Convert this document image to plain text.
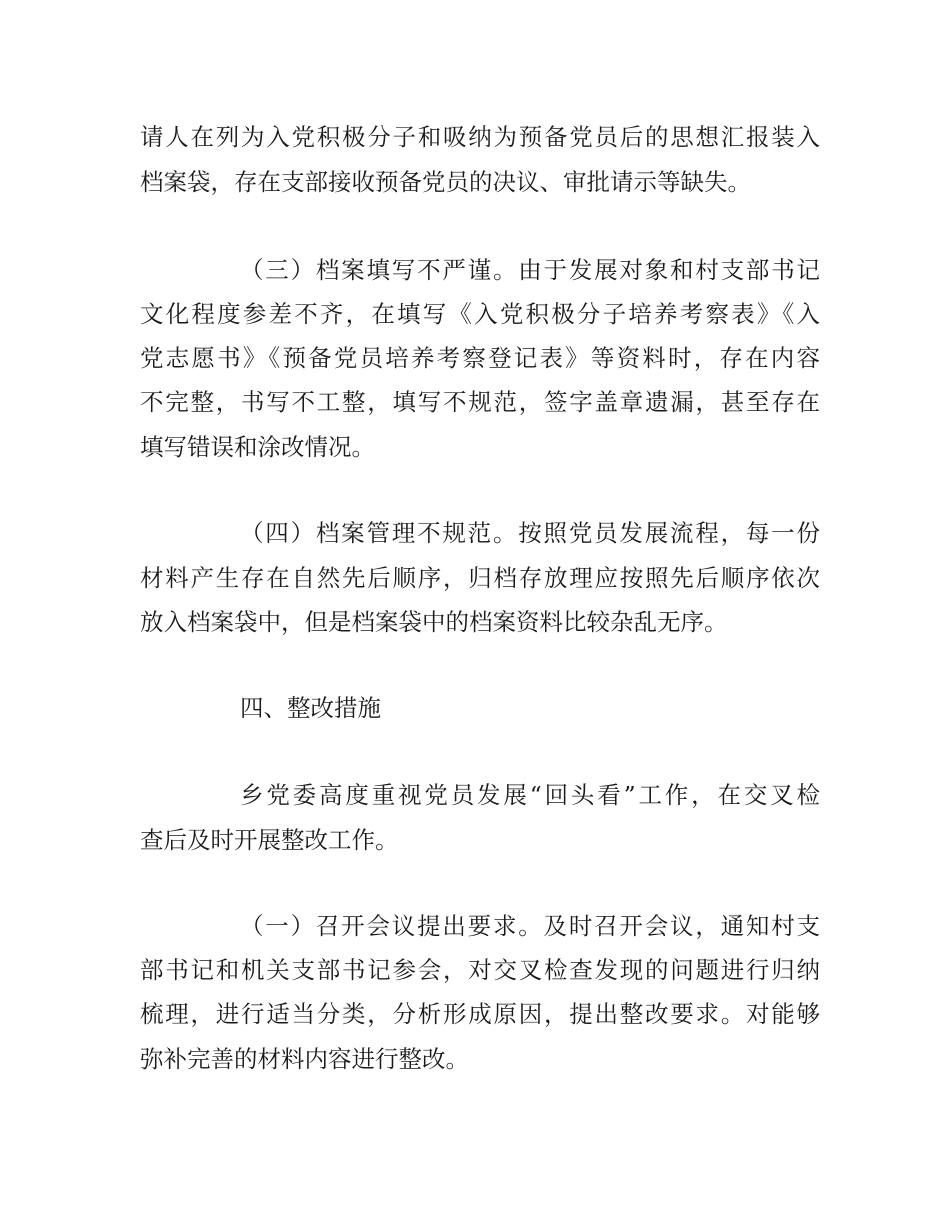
请人在列为入党积极分子和吸纳为预备党员后的思想汇报装入
档案袋，存在支部接收预备党员的决议、审批请示等缺失。
（三）档案填写不严谨。由于发展对象和村支部书记
文化程度参差不齐，在填写《入党积极分子培养考察表》《入
党志愿书》《预备党员培养考察登记表》等资料时，存在内容
不完整，书写不工整，填写不规范，签字盖章遗漏，甚至存在
填写错误和涂改情况。
（四）档案管理不规范。按照党员发展流程，每一份
材料产生存在自然先后顺序，归档存放理应按照先后顺序依次
放入档案袋中，但是档案袋中的档案资料比较杂乱无序。
四、整改措施
乡党委高度重视党员发展“回头看”工作，在交叉检
查后及时开展整改工作。
（一）召开会议提出要求。及时召开会议，通知村支
部书记和机关支部书记参会，对交叉检查发现的问题进行归纳
梳理，进行适当分类，分析形成原因，提出整改要求。对能够
弥补完善的材料内容进行整改。
